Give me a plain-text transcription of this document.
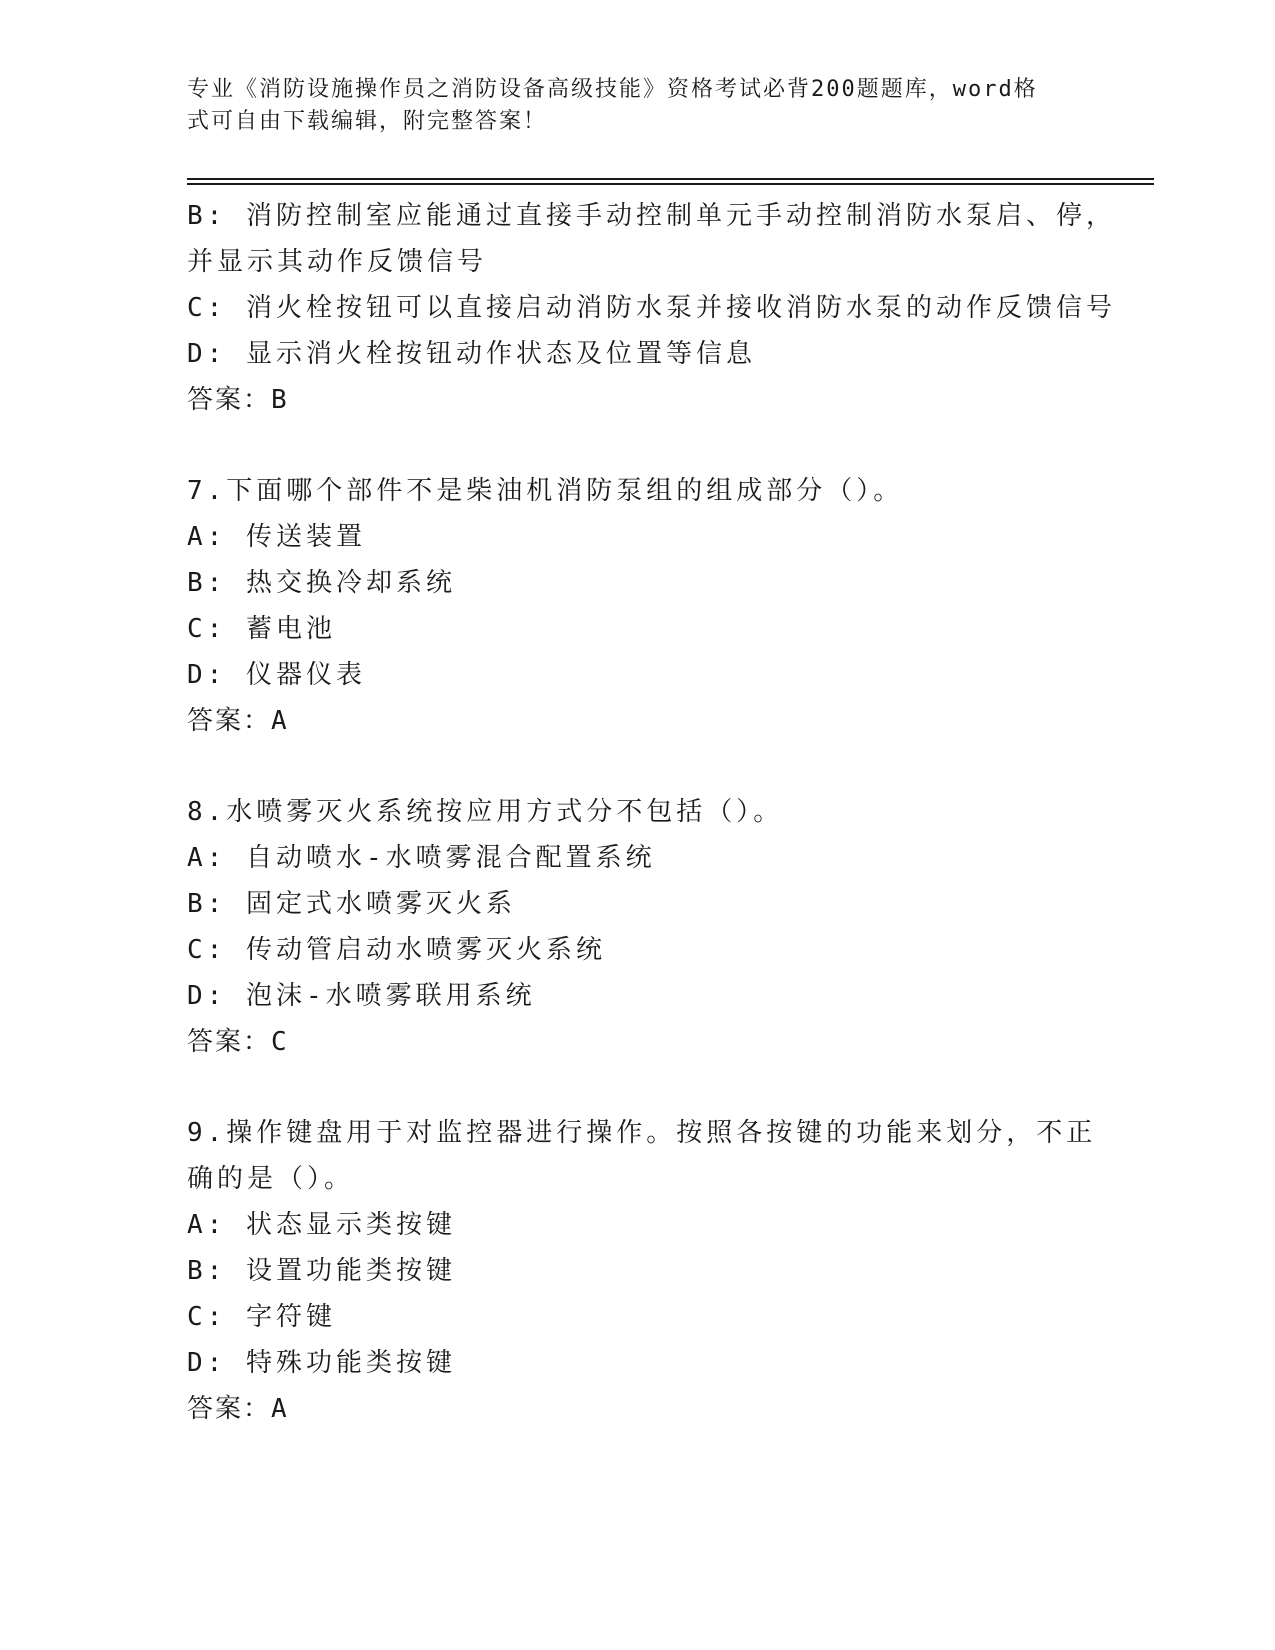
专业《消防设施操作员之消防设备高级技能》资格考试必背200题题库，word格
式可自由下载编辑，附完整答案！
B: 消防控制室应能通过直接手动控制单元手动控制消防水泵启、停，
并显示其动作反馈信号
C: 消火栓按钮可以直接启动消防水泵并接收消防水泵的动作反馈信号
D: 显示消火栓按钮动作状态及位置等信息
答案：B
7.下面哪个部件不是柴油机消防泵组的组成部分（）。
A: 传送装置
B: 热交换冷却系统
C: 蓄电池
D: 仪器仪表
答案：A
8.水喷雾灭火系统按应用方式分不包括（）。
A: 自动喷水-水喷雾混合配置系统
B: 固定式水喷雾灭火系
C: 传动管启动水喷雾灭火系统
D: 泡沫-水喷雾联用系统
答案：C
9.操作键盘用于对监控器进行操作。按照各按键的功能来划分，不正
确的是（）。
A: 状态显示类按键
B: 设置功能类按键
C: 字符键
D: 特殊功能类按键
答案：A
